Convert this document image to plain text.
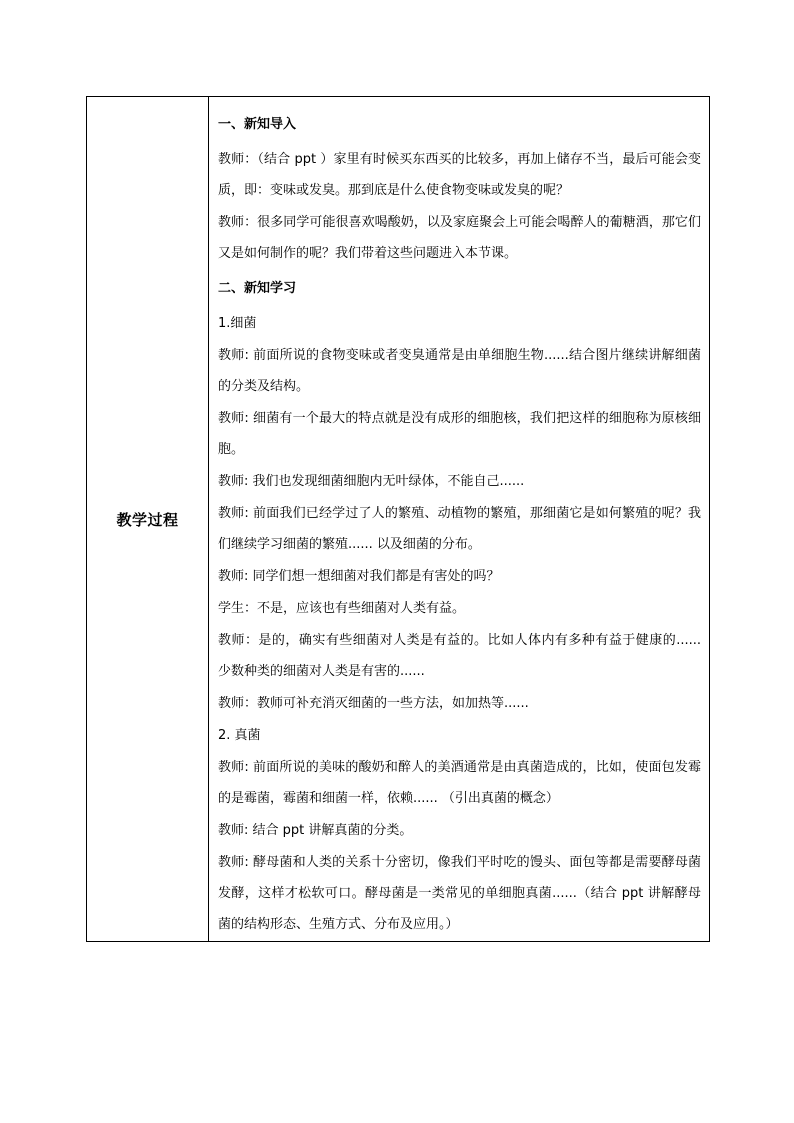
教学过程	
一、新知导入
教师：（结合 ppt ）家里有时候买东西买的比较多，再加上储存不当，最后可能会变质，即：变味或发臭。那到底是什么使食物变味或发臭的呢？
教师：很多同学可能很喜欢喝酸奶，以及家庭聚会上可能会喝醉人的葡糖酒，那它们又是如何制作的呢？我们带着这些问题进入本节课。
二、新知学习
1.细菌
教师: 前面所说的食物变味或者变臭通常是由单细胞生物......结合图片继续讲解细菌的分类及结构。
教师: 细菌有一个最大的特点就是没有成形的细胞核，我们把这样的细胞称为原核细胞。
教师: 我们也发现细菌细胞内无叶绿体，不能自己......
教师: 前面我们已经学过了人的繁殖、动植物的繁殖，那细菌它是如何繁殖的呢？我们继续学习细菌的繁殖...... 以及细菌的分布。
教师: 同学们想一想细菌对我们都是有害处的吗？
学生：不是，应该也有些细菌对人类有益。
教师：是的，确实有些细菌对人类是有益的。比如人体内有多种有益于健康的...... 少数种类的细菌对人类是有害的......
教师：教师可补充消灭细菌的一些方法，如加热等......
2. 真菌
教师: 前面所说的美味的酸奶和醉人的美酒通常是由真菌造成的，比如，使面包发霉的是霉菌，霉菌和细菌一样，依赖...... （引出真菌的概念）
教师: 结合 ppt 讲解真菌的分类。
教师: 酵母菌和人类的关系十分密切，像我们平时吃的馒头、面包等都是需要酵母菌发酵，这样才松软可口。酵母菌是一类常见的单细胞真菌......（结合 ppt 讲解酵母菌的结构形态、生殖方式、分布及应用。）
